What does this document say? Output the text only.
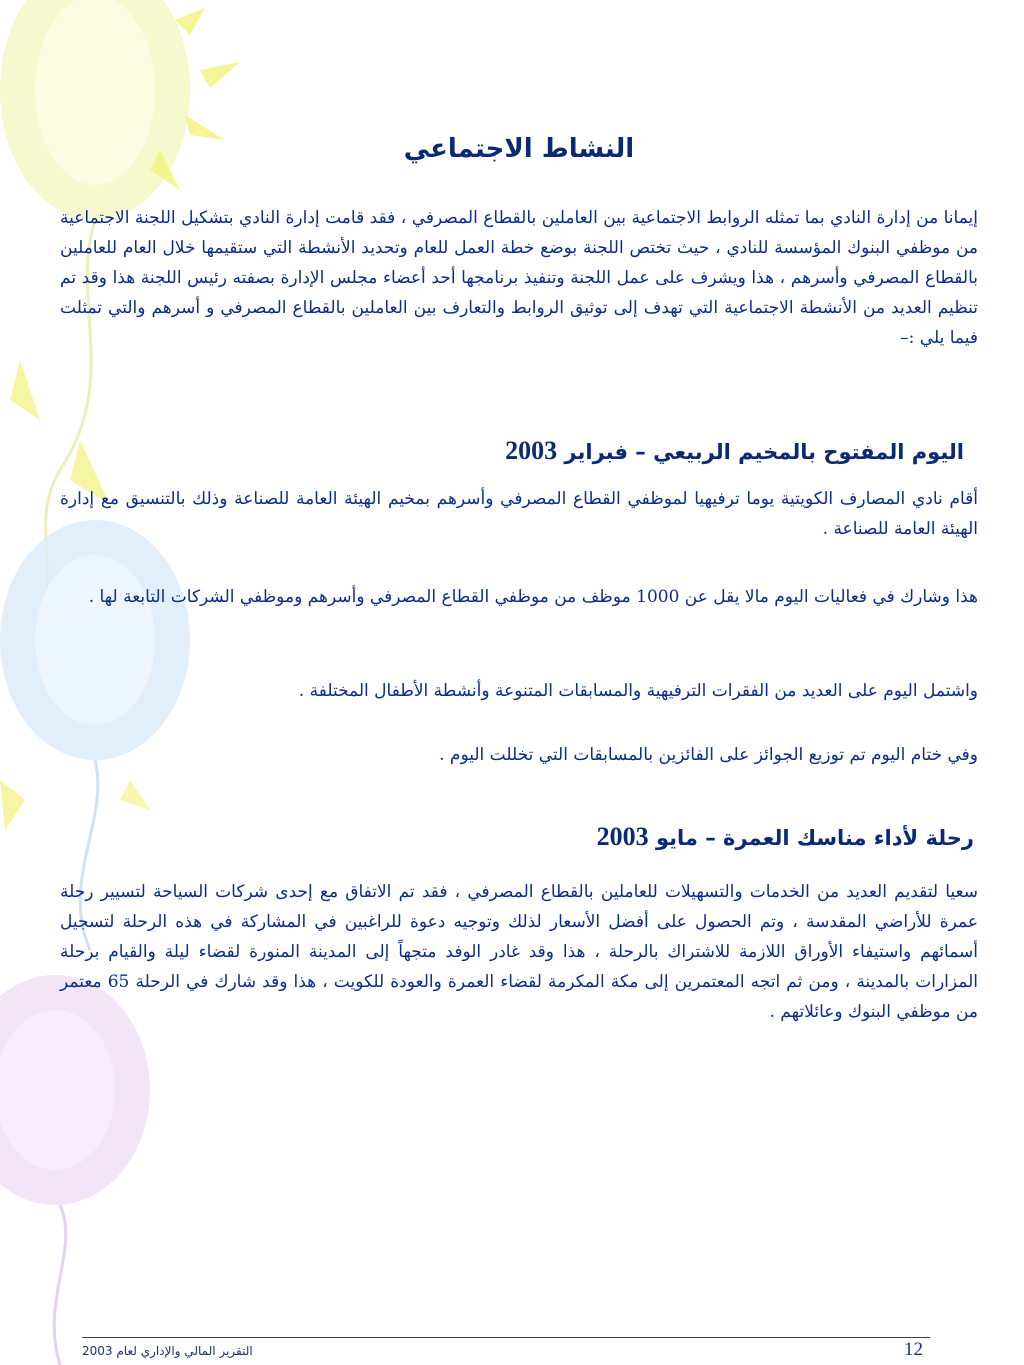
النشاط الاجتماعي

إيمانا من إدارة النادي بما تمثله الروابط الاجتماعية بين العاملين بالقطاع المصرفي ، فقد قامت إدارة النادي بتشكيل اللجنة الاجتماعية من موظفي البنوك المؤسسة للنادي ، حيث تختص اللجنة بوضع خطة العمل للعام وتحديد الأنشطة التي ستقيمها خلال العام للعاملين بالقطاع المصرفي وأسرهم ، هذا ويشرف على عمل اللجنة وتنفيذ برنامجها أحد أعضاء مجلس الإدارة بصفته رئيس اللجنة هذا وقد تم تنظيم العديد من الأنشطة الاجتماعية التي تهدف إلى توثيق الروابط والتعارف بين العاملين بالقطاع المصرفي و أسرهم والتي تمثلت فيما يلي :–

اليوم المفتوح بالمخيم الربيعي – فبراير 2003

أقام نادي المصارف الكويتية يوما ترفيهيا لموظفي القطاع المصرفي وأسرهم بمخيم الهيئة العامة للصناعة وذلك بالتنسيق مع إدارة الهيئة العامة للصناعة .

هذا وشارك في فعاليات اليوم مالا يقل عن 1000 موظف من موظفي القطاع المصرفي وأسرهم وموظفي الشركات التابعة لها .

واشتمل اليوم على العديد من الفقرات الترفيهية والمسابقات المتنوعة وأنشطة الأطفال المختلفة .

وفي ختام اليوم تم توزيع الجوائز على الفائزين بالمسابقات التي تخللت اليوم .

رحلة لأداء مناسك العمرة – مايو 2003

سعيا لتقديم العديد من الخدمات والتسهيلات للعاملين بالقطاع المصرفي ، فقد تم الاتفاق مع إحدى شركات السياحة لتسيير رحلة عمرة للأراضي المقدسة ، وتم الحصول على أفضل الأسعار لذلك وتوجيه دعوة للراغبين في المشاركة في هذه الرحلة لتسجيل أسمائهم واستيفاء الأوراق اللازمة للاشتراك بالرحلة ، هذا وقد غادر الوفد متجهاً إلى المدينة المنورة لقضاء ليلة والقيام برحلة المزارات بالمدينة ، ومن ثم اتجه المعتمرين إلى مكة المكرمة لقضاء العمرة والعودة للكويت ، هذا وقد شارك في الرحلة 65 معتمر من موظفي البنوك وعائلاتهم .

التقرير المالي والإداري لعام 2003	12
